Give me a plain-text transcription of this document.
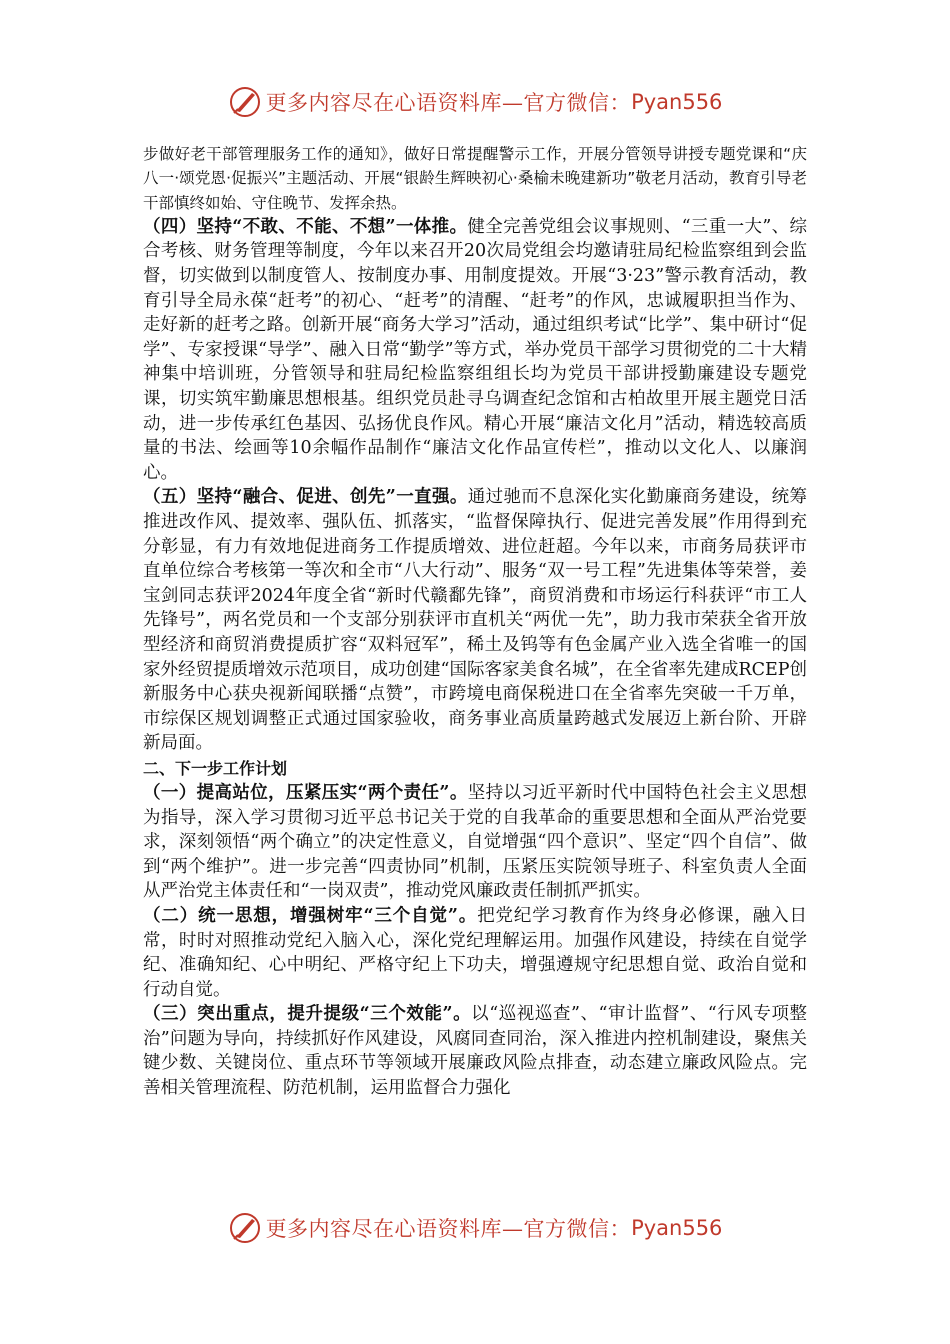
更多内容尽在心语资料库—官方微信： Pyan556

步做好老干部管理服务工作的通知》，做好日常提醒警示工作，开展分管领导讲授专题党课和“庆八一·颂党恩·促振兴”主题活动、开展“银龄生辉映初心·桑榆未晚建新功”敬老月活动，教育引导老干部慎终如始、守住晚节、发挥余热。

（四）坚持“不敢、不能、不想”一体推。健全完善党组会议事规则、“三重一大”、综合考核、财务管理等制度，今年以来召开20次局党组会均邀请驻局纪检监察组到会监督，切实做到以制度管人、按制度办事、用制度提效。开展“3·23”警示教育活动，教育引导全局永葆“赶考”的初心、“赶考”的清醒、“赶考”的作风，忠诚履职担当作为、走好新的赶考之路。创新开展“商务大学习”活动，通过组织考试“比学”、集中研讨“促学”、专家授课“导学”、融入日常“勤学”等方式，举办党员干部学习贯彻党的二十大精神集中培训班，分管领导和驻局纪检监察组组长均为党员干部讲授勤廉建设专题党课，切实筑牢勤廉思想根基。组织党员赴寻乌调查纪念馆和古柏故里开展主题党日活动，进一步传承红色基因、弘扬优良作风。精心开展“廉洁文化月”活动，精选较高质量的书法、绘画等10余幅作品制作“廉洁文化作品宣传栏”，推动以文化人、以廉润心。

（五）坚持“融合、促进、创先”一直强。通过驰而不息深化实化勤廉商务建设，统筹推进改作风、提效率、强队伍、抓落实，“监督保障执行、促进完善发展”作用得到充分彰显，有力有效地促进商务工作提质增效、进位赶超。今年以来，市商务局获评市直单位综合考核第一等次和全市“八大行动”、服务“双一号工程”先进集体等荣誉，姜宝剑同志获评2024年度全省“新时代赣鄱先锋”，商贸消费和市场运行科获评“市工人先锋号”，两名党员和一个支部分别获评市直机关“两优一先”，助力我市荣获全省开放型经济和商贸消费提质扩容“双料冠军”，稀土及钨等有色金属产业入选全省唯一的国家外经贸提质增效示范项目，成功创建“国际客家美食名城”，在全省率先建成RCEP创新服务中心获央视新闻联播“点赞”，市跨境电商保税进口在全省率先突破一千万单，市综保区规划调整正式通过国家验收，商务事业高质量跨越式发展迈上新台阶、开辟新局面。

二、下一步工作计划

（一）提高站位，压紧压实“两个责任”。坚持以习近平新时代中国特色社会主义思想为指导，深入学习贯彻习近平总书记关于党的自我革命的重要思想和全面从严治党要求，深刻领悟“两个确立”的决定性意义，自觉增强“四个意识”、坚定“四个自信”、做到“两个维护”。进一步完善“四责协同”机制，压紧压实院领导班子、科室负责人全面从严治党主体责任和“一岗双责”，推动党风廉政责任制抓严抓实。

（二）统一思想，增强树牢“三个自觉”。把党纪学习教育作为终身必修课，融入日常，时时对照推动党纪入脑入心，深化党纪理解运用。加强作风建设，持续在自觉学纪、准确知纪、心中明纪、严格守纪上下功夫，增强遵规守纪思想自觉、政治自觉和行动自觉。

（三）突出重点，提升提级“三个效能”。以“巡视巡查”、“审计监督”、“行风专项整治”问题为导向，持续抓好作风建设，风腐同查同治，深入推进内控机制建设，聚焦关键少数、关键岗位、重点环节等领域开展廉政风险点排查，动态建立廉政风险点。完善相关管理流程、防范机制，运用监督合力强化

更多内容尽在心语资料库—官方微信： Pyan556
